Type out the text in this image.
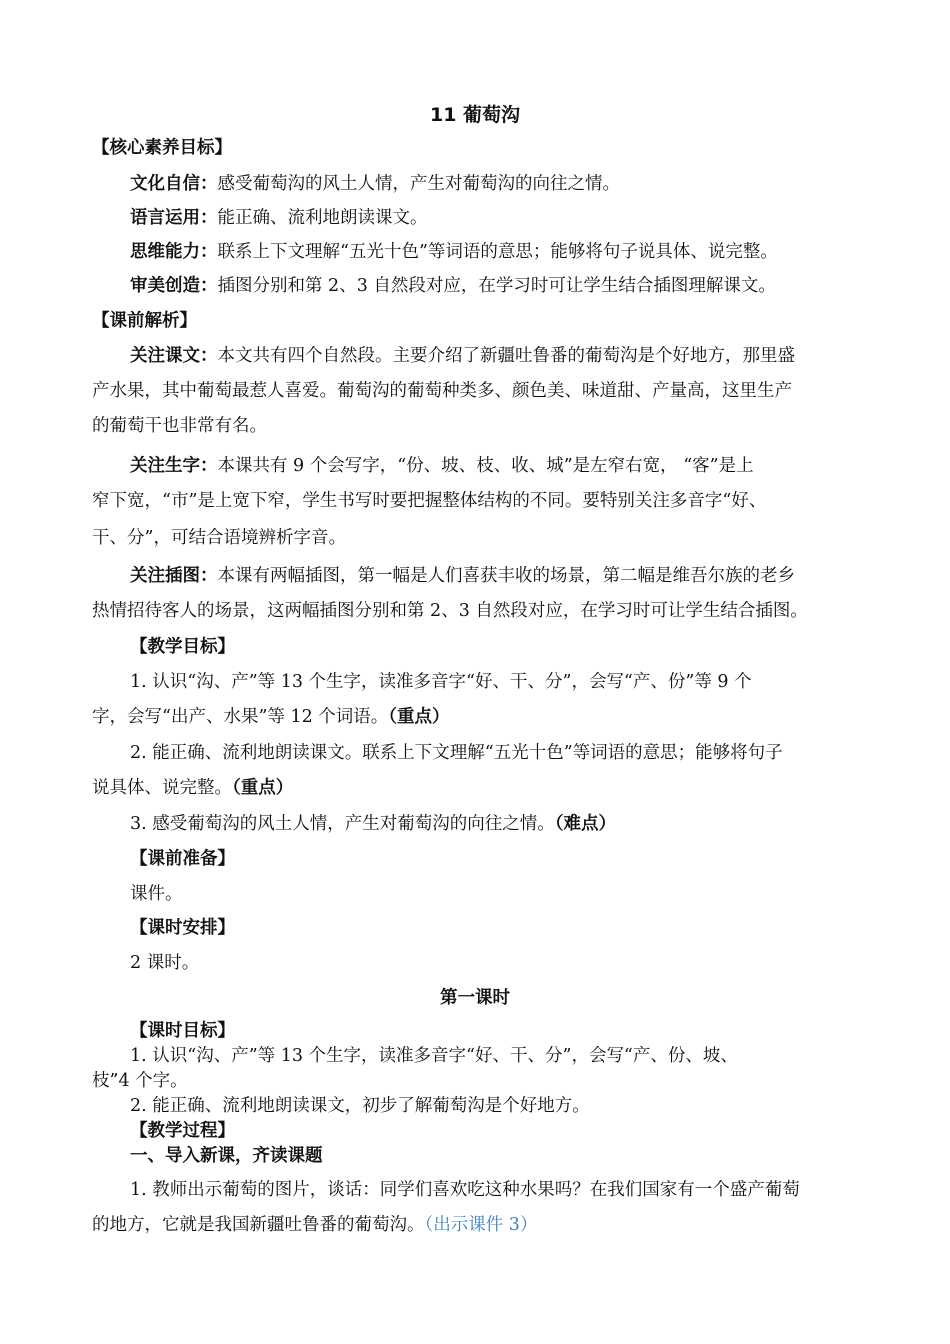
11 葡萄沟

【核心素养目标】

文化自信：感受葡萄沟的风土人情，产生对葡萄沟的向往之情。

语言运用：能正确、流利地朗读课文。

思维能力：联系上下文理解“五光十色”等词语的意思；能够将句子说具体、说完整。

审美创造：插图分别和第 2、3 自然段对应，在学习时可让学生结合插图理解课文。

【课前解析】

关注课文：本文共有四个自然段。主要介绍了新疆吐鲁番的葡萄沟是个好地方，那里盛

产水果，其中葡萄最惹人喜爱。葡萄沟的葡萄种类多、颜色美、味道甜、产量高，这里生产

的葡萄干也非常有名。

关注生字：本课共有 9 个会写字，“份、坡、枝、收、城”是左窄右宽， “客”是上

窄下宽，“市”是上宽下窄，学生书写时要把握整体结构的不同。要特别关注多音字“好、

干、分”，可结合语境辨析字音。

关注插图：本课有两幅插图，第一幅是人们喜获丰收的场景，第二幅是维吾尔族的老乡

热情招待客人的场景，这两幅插图分别和第 2、3 自然段对应，在学习时可让学生结合插图。

【教学目标】

1. 认识“沟、产”等 13 个生字，读准多音字“好、干、分”，会写“产、份”等 9 个

字，会写“出产、水果”等 12 个词语。（重点）

2. 能正确、流利地朗读课文。联系上下文理解“五光十色”等词语的意思；能够将句子

说具体、说完整。（重点）

3. 感受葡萄沟的风土人情，产生对葡萄沟的向往之情。（难点）

【课前准备】

课件。

【课时安排】

2 课时。

第一课时

【课时目标】

1. 认识“沟、产”等 13 个生字，读准多音字“好、干、分”，会写“产、份、坡、

枝”4 个字。

2. 能正确、流利地朗读课文，初步了解葡萄沟是个好地方。

【教学过程】

一、导入新课，齐读课题

1. 教师出示葡萄的图片，谈话：同学们喜欢吃这种水果吗？在我们国家有一个盛产葡萄

的地方，它就是我国新疆吐鲁番的葡萄沟。（出示课件 3）
